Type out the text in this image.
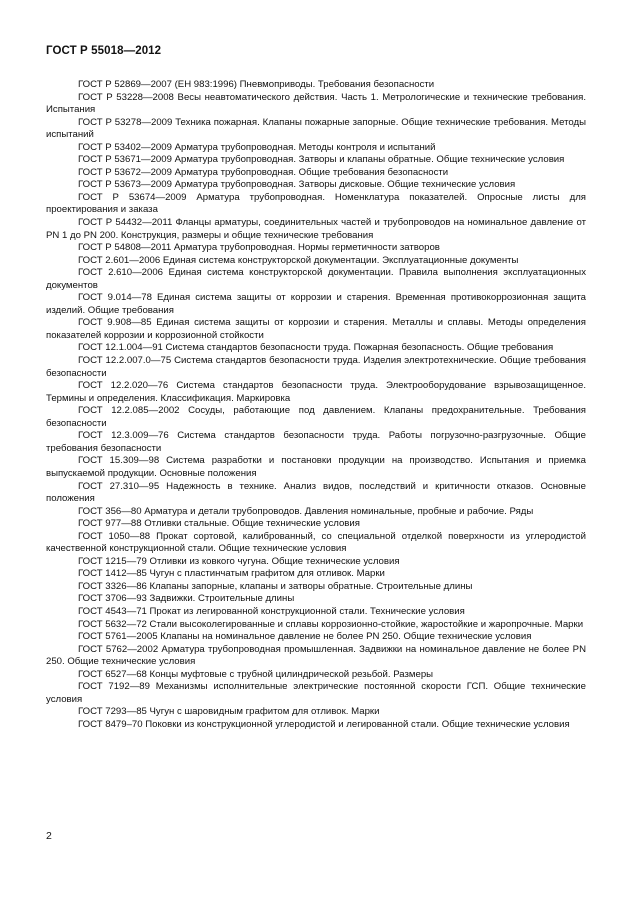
ГОСТ Р 55018—2012

ГОСТ Р 52869—2007 (ЕН 983:1996) Пневмоприводы. Требования безопасности

ГОСТ Р 53228—2008 Весы неавтоматического действия. Часть 1. Метрологические и технические требования. Испытания

ГОСТ Р 53278—2009 Техника пожарная. Клапаны пожарные запорные. Общие технические требования. Методы испытаний

ГОСТ Р 53402—2009 Арматура трубопроводная. Методы контроля и испытаний

ГОСТ Р 53671—2009 Арматура трубопроводная. Затворы и клапаны обратные. Общие технические условия

ГОСТ Р 53672—2009 Арматура трубопроводная. Общие требования безопасности

ГОСТ Р 53673—2009 Арматура трубопроводная. Затворы дисковые. Общие технические условия

ГОСТ Р 53674—2009 Арматура трубопроводная. Номенклатура показателей. Опросные листы для проектирования и заказа

ГОСТ Р 54432—2011 Фланцы арматуры, соединительных частей и трубопроводов на номинальное давление от PN 1 до PN 200. Конструкция, размеры и общие технические требования

ГОСТ Р 54808—2011 Арматура трубопроводная. Нормы герметичности затворов

ГОСТ 2.601—2006 Единая система конструкторской документации. Эксплуатационные документы

ГОСТ 2.610—2006 Единая система конструкторской документации. Правила выполнения эксплуатационных документов

ГОСТ 9.014—78 Единая система защиты от коррозии и старения. Временная противокоррозионная защита изделий. Общие требования

ГОСТ 9.908—85 Единая система защиты от коррозии и старения. Металлы и сплавы. Методы определения показателей коррозии и коррозионной стойкости

ГОСТ 12.1.004—91 Система стандартов безопасности труда. Пожарная безопасность. Общие требования

ГОСТ 12.2.007.0—75 Система стандартов безопасности труда. Изделия электротехнические. Общие требования безопасности

ГОСТ 12.2.020—76 Система стандартов безопасности труда. Электрооборудование взрывозащищенное. Термины и определения. Классификация. Маркировка

ГОСТ 12.2.085—2002 Сосуды, работающие под давлением. Клапаны предохранительные. Требования безопасности

ГОСТ 12.3.009—76 Система стандартов безопасности труда. Работы погрузочно-разгрузочные. Общие требования безопасности

ГОСТ 15.309—98 Система разработки и постановки продукции на производство. Испытания и приемка выпускаемой продукции. Основные положения

ГОСТ 27.310—95 Надежность в технике. Анализ видов, последствий и критичности отказов. Основные положения

ГОСТ 356—80 Арматура и детали трубопроводов. Давления номинальные, пробные и рабочие. Ряды

ГОСТ 977—88 Отливки стальные. Общие технические условия

ГОСТ 1050—88 Прокат сортовой, калиброванный, со специальной отделкой поверхности из углеродистой качественной конструкционной стали. Общие технические условия

ГОСТ 1215—79 Отливки из ковкого чугуна. Общие технические условия

ГОСТ 1412—85 Чугун с пластинчатым графитом для отливок. Марки

ГОСТ 3326—86 Клапаны запорные, клапаны и затворы обратные. Строительные длины

ГОСТ 3706—93 Задвижки. Строительные длины

ГОСТ 4543—71 Прокат из легированной конструкционной стали. Технические условия

ГОСТ 5632—72 Стали высоколегированные и сплавы коррозионно-стойкие, жаростойкие и жаропрочные. Марки

ГОСТ 5761—2005 Клапаны на номинальное давление не более PN 250. Общие технические условия

ГОСТ 5762—2002 Арматура трубопроводная промышленная. Задвижки на номинальное давление не более PN 250. Общие технические условия

ГОСТ 6527—68 Концы муфтовые с трубной цилиндрической резьбой. Размеры

ГОСТ 7192—89 Механизмы исполнительные электрические постоянной скорости ГСП. Общие технические условия

ГОСТ 7293—85 Чугун с шаровидным графитом для отливок. Марки

ГОСТ 8479–70 Поковки из конструкционной углеродистой и легированной стали. Общие технические условия

2
